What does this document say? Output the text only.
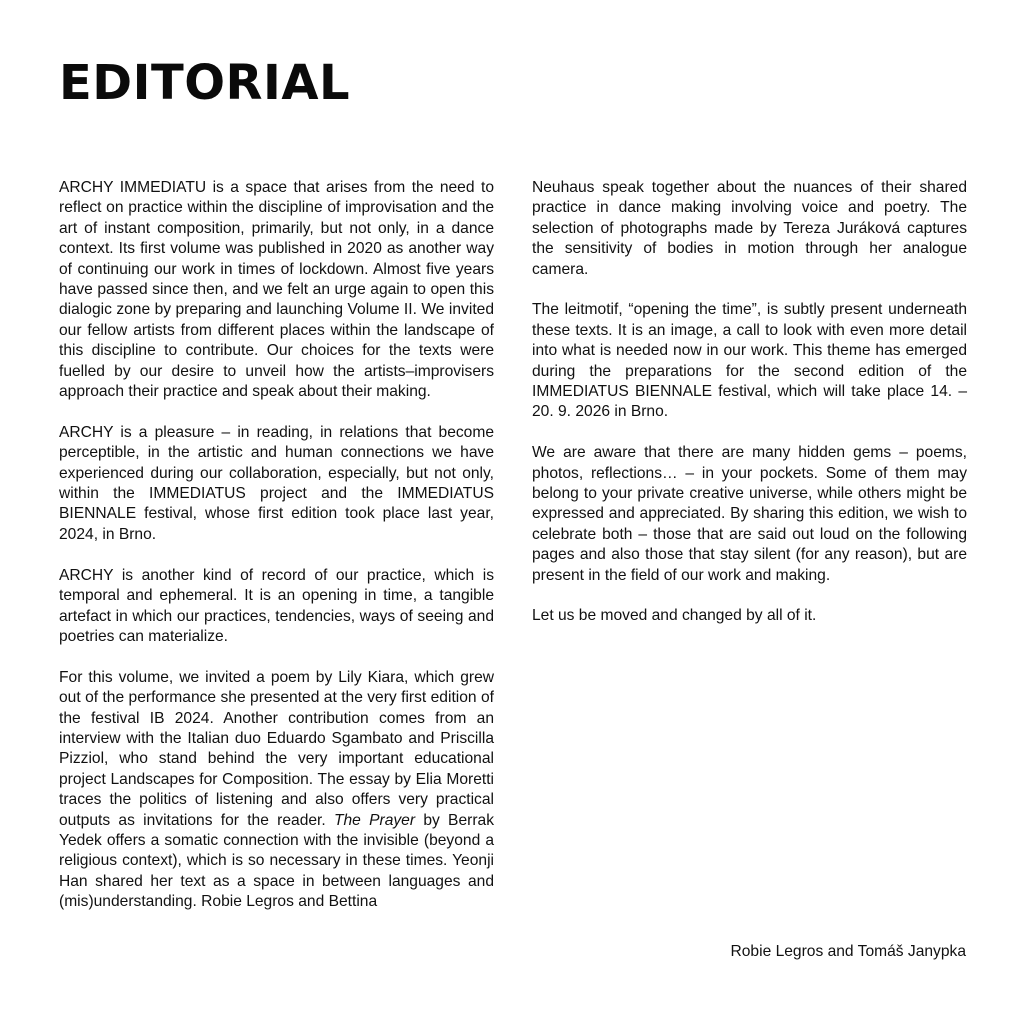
EDITORIAL

ARCHY IMMEDIATU is a space that arises from the need to reflect on practice within the discipline of improvisation and the art of instant composition, primarily, but not only, in a dance context. Its first volume was published in 2020 as another way of continuing our work in times of lockdown. Almost five years have passed since then, and we felt an urge again to open this dialogic zone by preparing and launching Volume II. We invited our fellow artists from different places within the landscape of this discipline to contribute. Our choices for the texts were fuelled by our desire to unveil how the artists–improvisers approach their practice and speak about their making.

ARCHY is a pleasure – in reading, in relations that become perceptible, in the artistic and human connections we have experienced during our collaboration, especially, but not only, within the IMMEDIATUS project and the IMMEDIATUS BIENNALE festival, whose first edition took place last year, 2024, in Brno.

ARCHY is another kind of record of our practice, which is temporal and ephemeral. It is an opening in time, a tangible artefact in which our practices, tendencies, ways of seeing and poetries can materialize.

For this volume, we invited a poem by Lily Kiara, which grew out of the performance she presented at the very first edition of the festival IB 2024. Another contribution comes from an interview with the Italian duo Eduardo Sgambato and Priscilla Pizziol, who stand behind the very important educational project Landscapes for Composition. The essay by Elia Moretti traces the politics of listening and also offers very practical outputs as invitations for the reader. The Prayer by Berrak Yedek offers a somatic connection with the invisible (beyond a religious context), which is so necessary in these times. Yeonji Han shared her text as a space in between languages and (mis)understanding. Robie Legros and Bettina

Neuhaus speak together about the nuances of their shared practice in dance making involving voice and poetry. The selection of photographs made by Tereza Juráková captures the sensitivity of bodies in motion through her analogue camera.

The leitmotif, “opening the time”, is subtly present underneath these texts. It is an image, a call to look with even more detail into what is needed now in our work. This theme has emerged during the preparations for the second edition of the IMMEDIATUS BIENNALE festival, which will take place 14. – 20. 9. 2026 in Brno.

We are aware that there are many hidden gems – poems, photos, reflections… – in your pockets. Some of them may belong to your private creative universe, while others might be expressed and appreciated. By sharing this edition, we wish to celebrate both – those that are said out loud on the following pages and also those that stay silent (for any reason), but are present in the field of our work and making.

Let us be moved and changed by all of it.

Robie Legros and Tomáš Janypka
